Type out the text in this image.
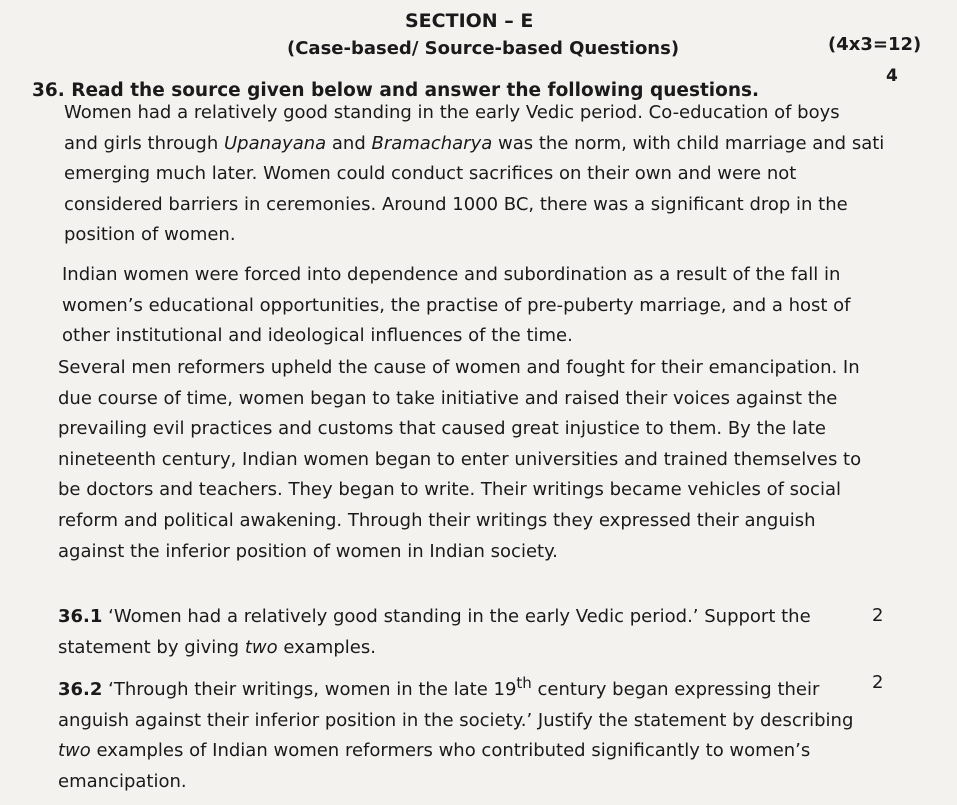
SECTION – E
(Case-based/ Source-based Questions)	(4x3=12)
36. Read the source given below and answer the following questions.
4
Women had a relatively good standing in the early Vedic period. Co-education of boys
and girls through Upanayana and Bramacharya was the norm, with child marriage and sati
emerging much later. Women could conduct sacrifices on their own and were not
considered barriers in ceremonies. Around 1000 BC, there was a significant drop in the
position of women.
Indian women were forced into dependence and subordination as a result of the fall in
women’s educational opportunities, the practise of pre-puberty marriage, and a host of
other institutional and ideological influences of the time.
Several men reformers upheld the cause of women and fought for their emancipation. In
due course of time, women began to take initiative and raised their voices against the
prevailing evil practices and customs that caused great injustice to them. By the late
nineteenth century, Indian women began to enter universities and trained themselves to
be doctors and teachers. They began to write. Their writings became vehicles of social
reform and political awakening. Through their writings they expressed their anguish
against the inferior position of women in Indian society.
36.1 ‘Women had a relatively good standing in the early Vedic period.’ Support the
statement by giving two examples.
2
36.2 ‘Through their writings, women in the late 19th century began expressing their
anguish against their inferior position in the society.’ Justify the statement by describing
two examples of Indian women reformers who contributed significantly to women’s
emancipation.
2
